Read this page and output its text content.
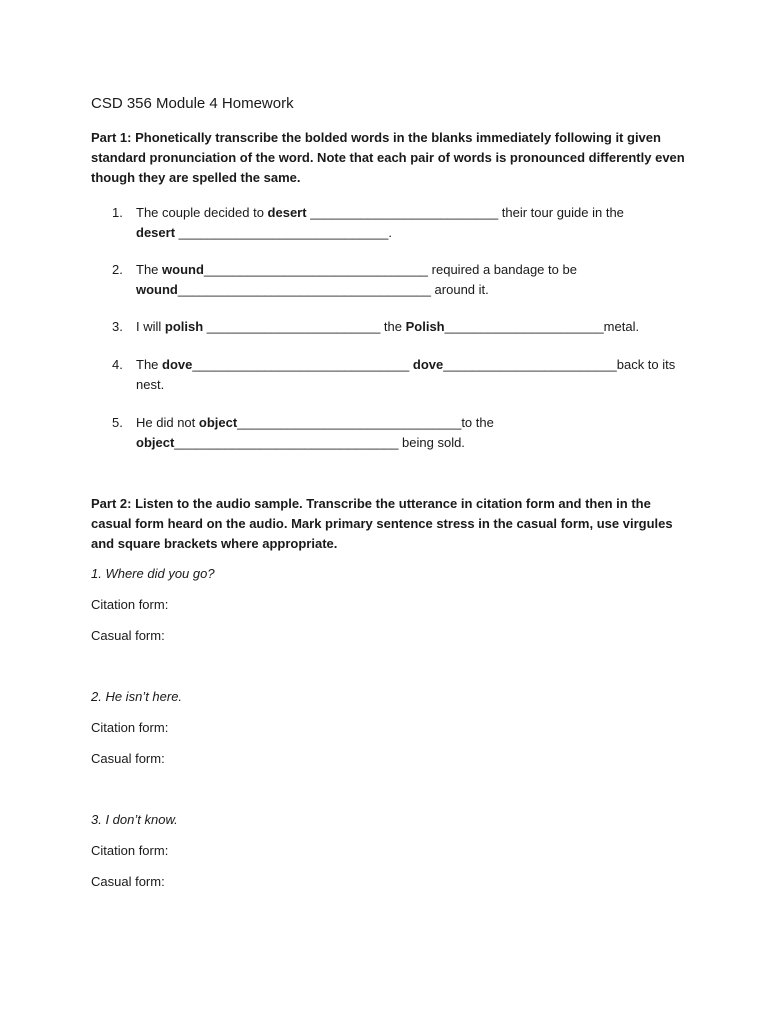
CSD 356 Module 4 Homework
Part 1: Phonetically transcribe the bolded words in the blanks immediately following it given standard pronunciation of the word. Note that each pair of words is pronounced differently even though they are spelled the same.
1.	The couple decided to desert __________________________ their tour guide in the
desert _____________________________.
2.	The wound_______________________________ required a bandage to be
wound___________________________________ around it.
3.	I will polish ________________________ the Polish______________________metal.
4.	The dove______________________________ dove________________________back to its nest.
5.	He did not object_______________________________to the
object_______________________________ being sold.
Part 2: Listen to the audio sample. Transcribe the utterance in citation form and then in the casual form heard on the audio. Mark primary sentence stress in the casual form, use virgules and square brackets where appropriate.
1. Where did you go?
Citation form:
Casual form:
2. He isn’t here.
Citation form:
Casual form:
3. I don’t know.
Citation form:
Casual form:
